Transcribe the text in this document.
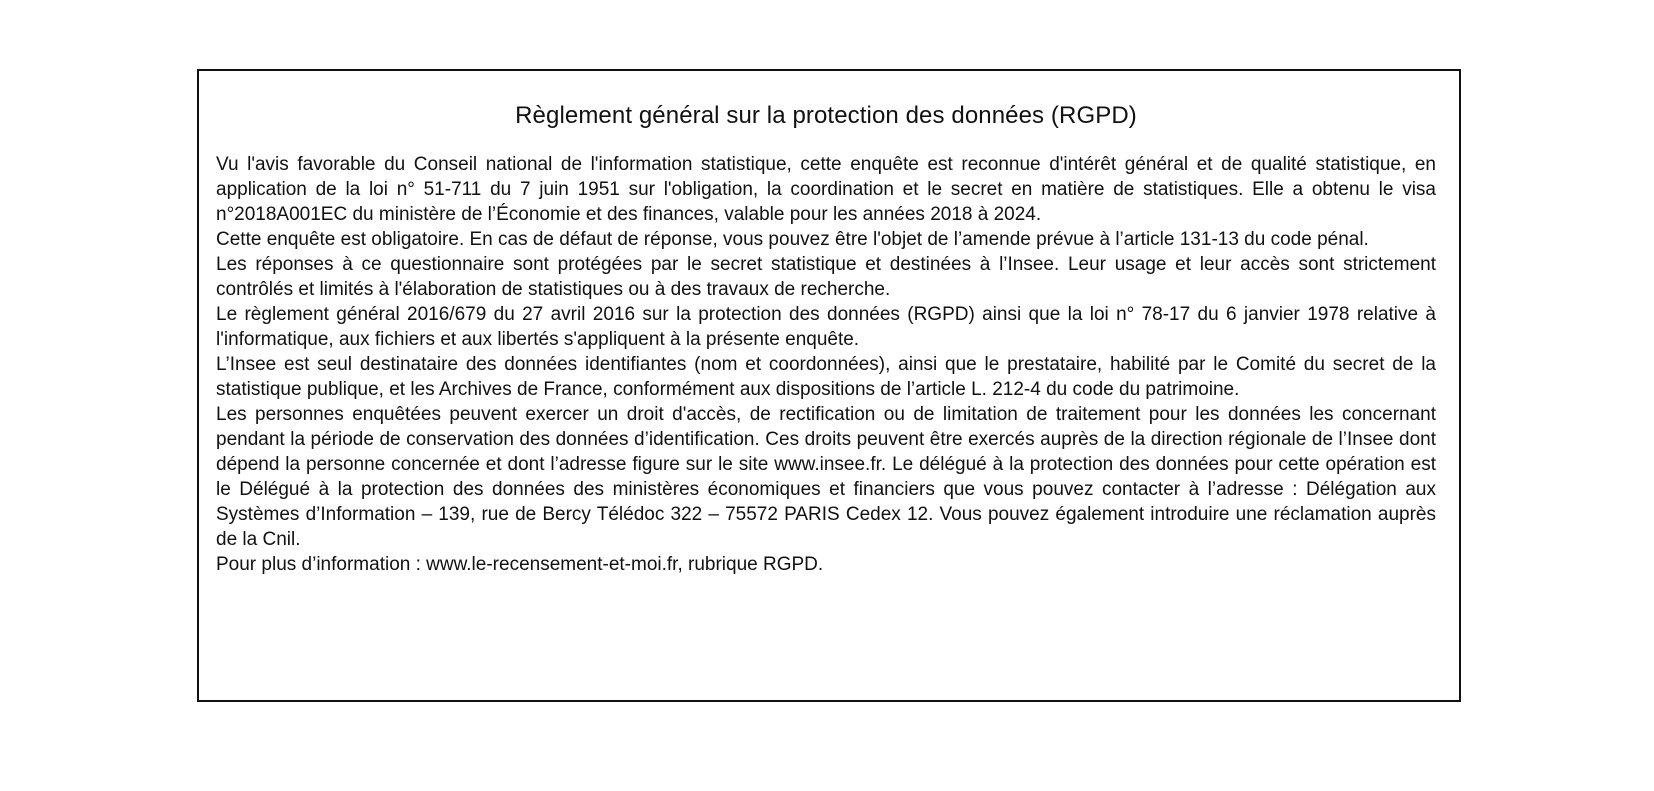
Règlement général sur la protection des données (RGPD)

Vu l'avis favorable du Conseil national de l'information statistique, cette enquête est reconnue d'intérêt général et de qualité statistique, en application de la loi n° 51-711 du 7 juin 1951 sur l'obligation, la coordination et le secret en matière de statistiques. Elle a obtenu le visa n°2018A001EC du ministère de l’Économie et des finances, valable pour les années 2018 à 2024.

Cette enquête est obligatoire. En cas de défaut de réponse, vous pouvez être l'objet de l’amende prévue à l’article 131-13 du code pénal.

Les réponses à ce questionnaire sont protégées par le secret statistique et destinées à l’Insee. Leur usage et leur accès sont strictement contrôlés et limités à l'élaboration de statistiques ou à des travaux de recherche.

Le règlement général 2016/679 du 27 avril 2016 sur la protection des données (RGPD) ainsi que la loi n° 78-17 du 6 janvier 1978 relative à l'informatique, aux fichiers et aux libertés s'appliquent à la présente enquête.

L’Insee est seul destinataire des données identifiantes (nom et coordonnées), ainsi que le prestataire, habilité par le Comité du secret de la statistique publique, et les Archives de France, conformément aux dispositions de l’article L. 212-4 du code du patrimoine.

Les personnes enquêtées peuvent exercer un droit d'accès, de rectification ou de limitation de traitement pour les données les concernant pendant la période de conservation des données d’identification. Ces droits peuvent être exercés auprès de la direction régionale de l’Insee dont dépend la personne concernée et dont l’adresse figure sur le site www.insee.fr. Le délégué à la protection des données pour cette opération est le Délégué à la protection des données des ministères économiques et financiers que vous pouvez contacter à l’adresse : Délégation aux Systèmes d’Information – 139, rue de Bercy Télédoc 322 – 75572 PARIS Cedex 12. Vous pouvez également introduire une réclamation auprès de la Cnil.

Pour plus d’information : www.le-recensement-et-moi.fr, rubrique RGPD.
